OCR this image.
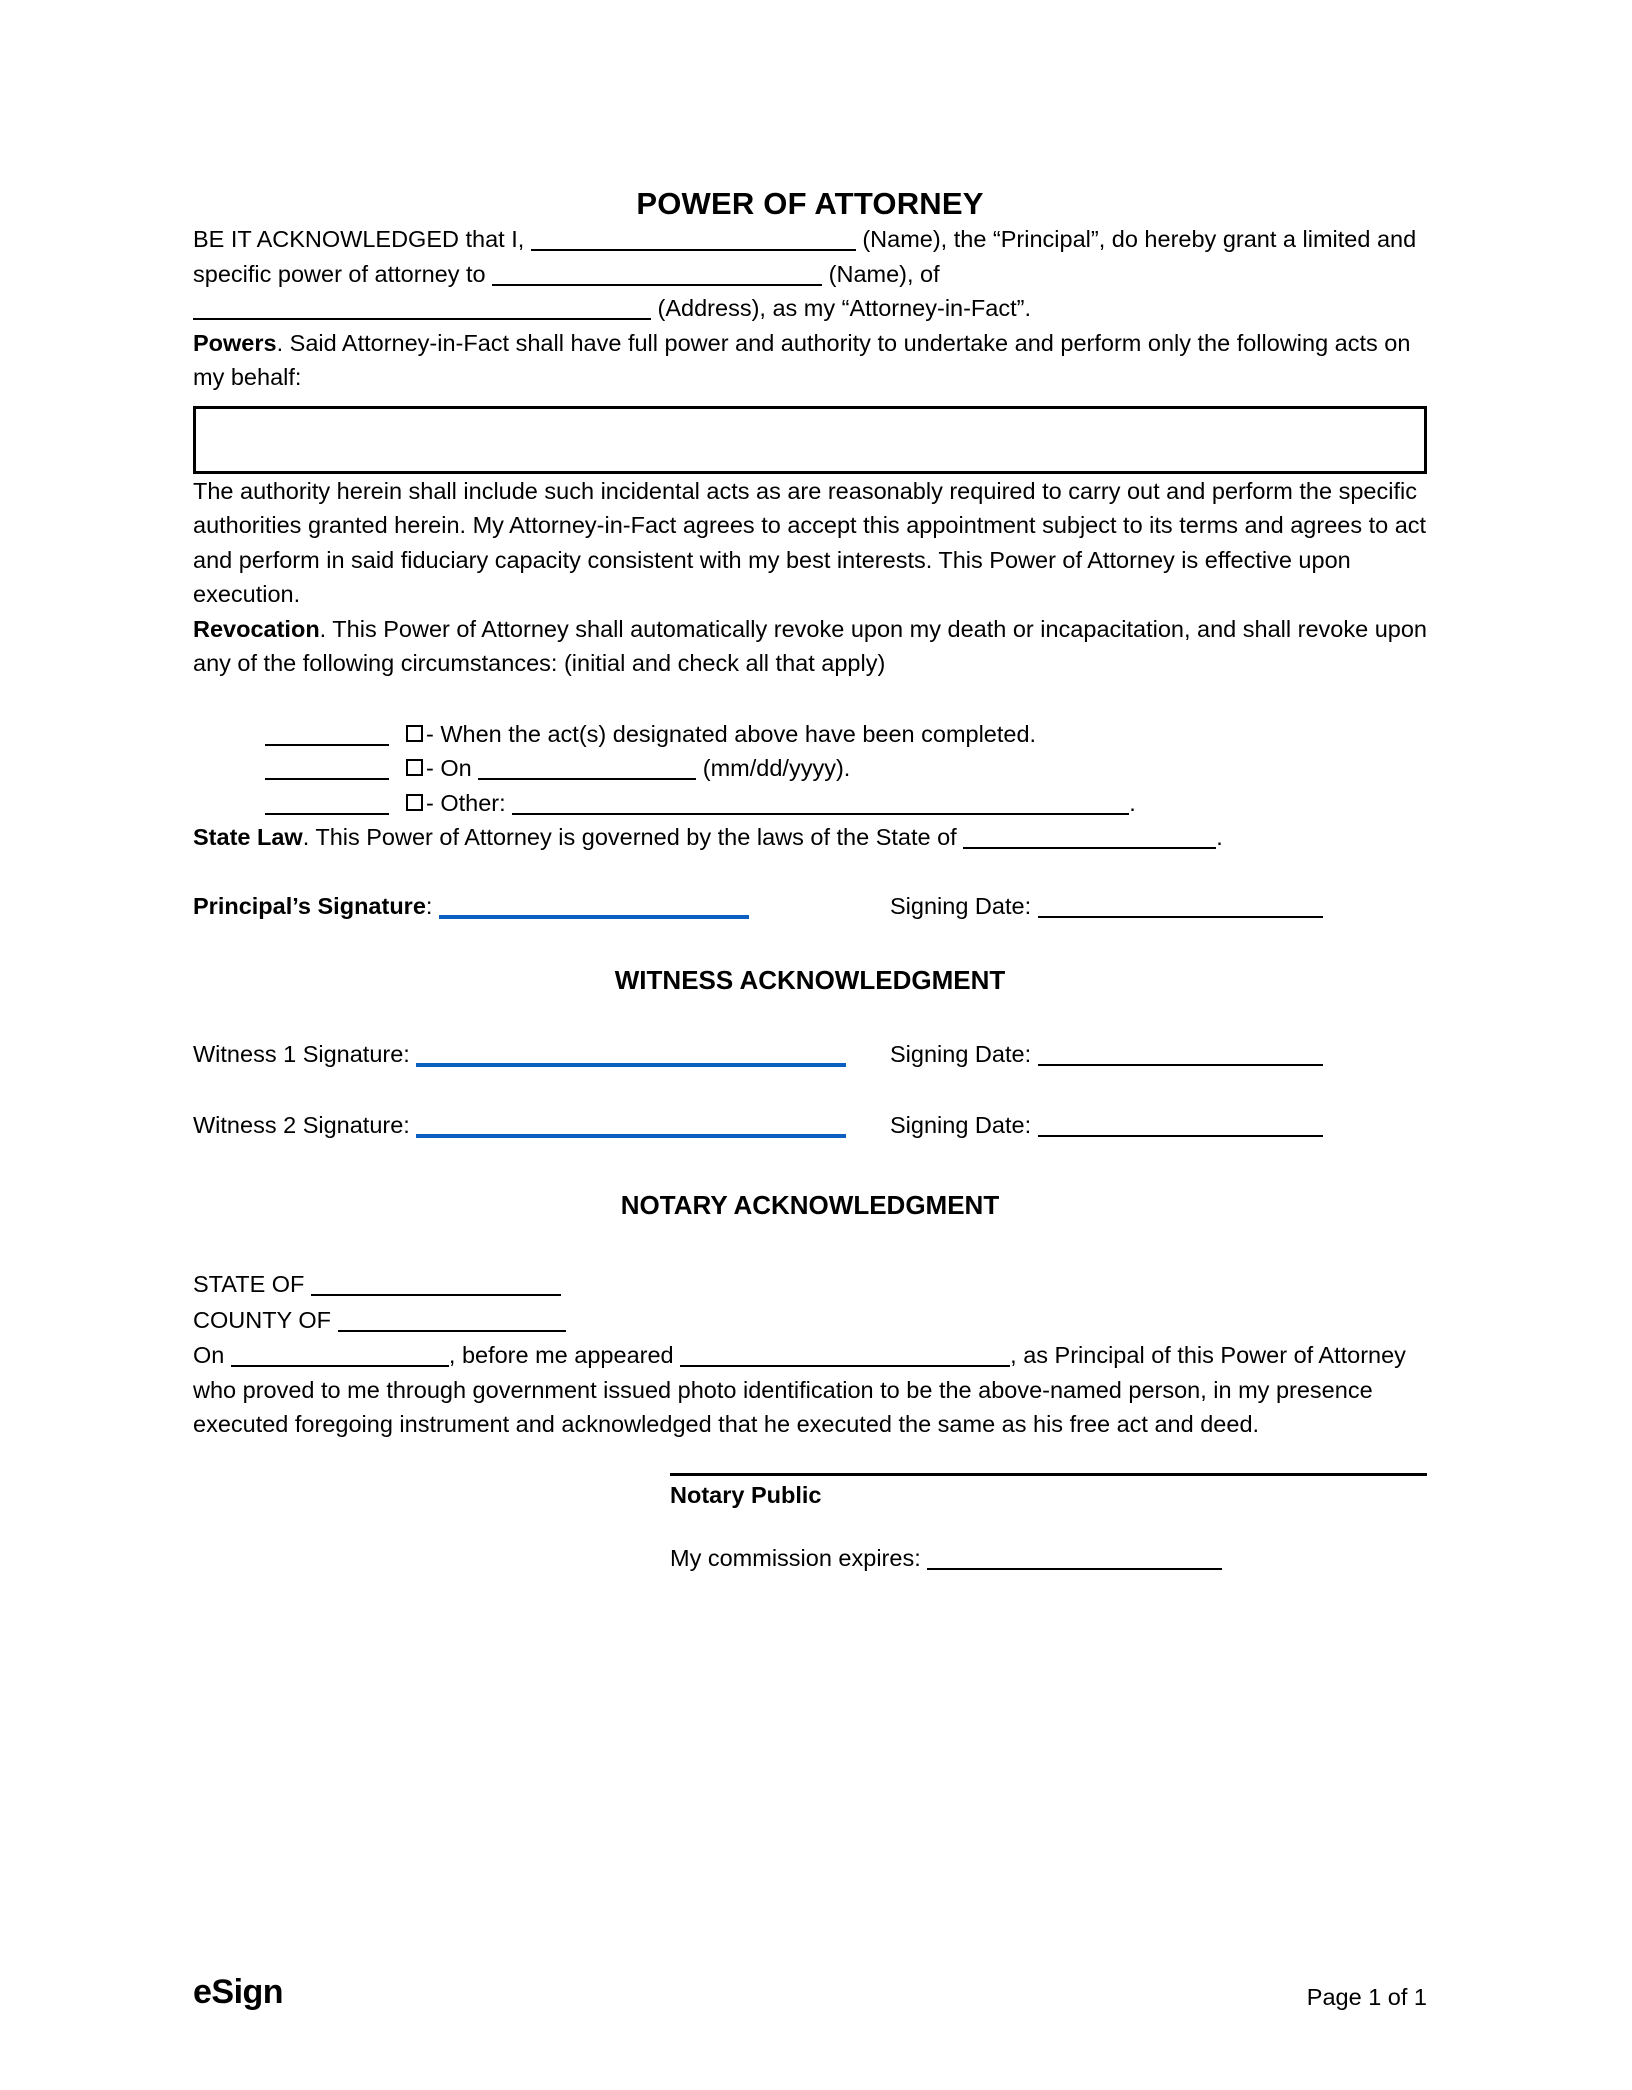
POWER OF ATTORNEY
BE IT ACKNOWLEDGED that I,	(Name), the “Principal”, do hereby grant a limited and specific power of attorney to	(Name), of
(Address), as my “Attorney-in-Fact”.
Powers. Said Attorney-in-Fact shall have full power and authority to undertake and perform only the following acts on my behalf:
The authority herein shall include such incidental acts as are reasonably required to carry out and perform the specific authorities granted herein. My Attorney-in-Fact agrees to accept this appointment subject to its terms and agrees to act and perform in said fiduciary capacity consistent with my best interests. This Power of Attorney is effective upon execution.
Revocation. This Power of Attorney shall automatically revoke upon my death or incapacitation, and shall revoke upon any of the following circumstances: (initial and check all that apply)
- When the act(s) designated above have been completed.
- On	(mm/dd/yyyy).
- Other:	.
State Law. This Power of Attorney is governed by the laws of the State of	.
Principal’s Signature:	Signing Date:
WITNESS ACKNOWLEDGMENT
Witness 1 Signature:	Signing Date:
Witness 2 Signature:	Signing Date:
NOTARY ACKNOWLEDGMENT
STATE OF
COUNTY OF
On	, before me appeared	, as Principal of this Power of Attorney who proved to me through government issued photo identification to be the above-named person, in my presence executed foregoing instrument and acknowledged that he executed the same as his free act and deed.
Notary Public
My commission expires:
eSign	Page 1 of 1
